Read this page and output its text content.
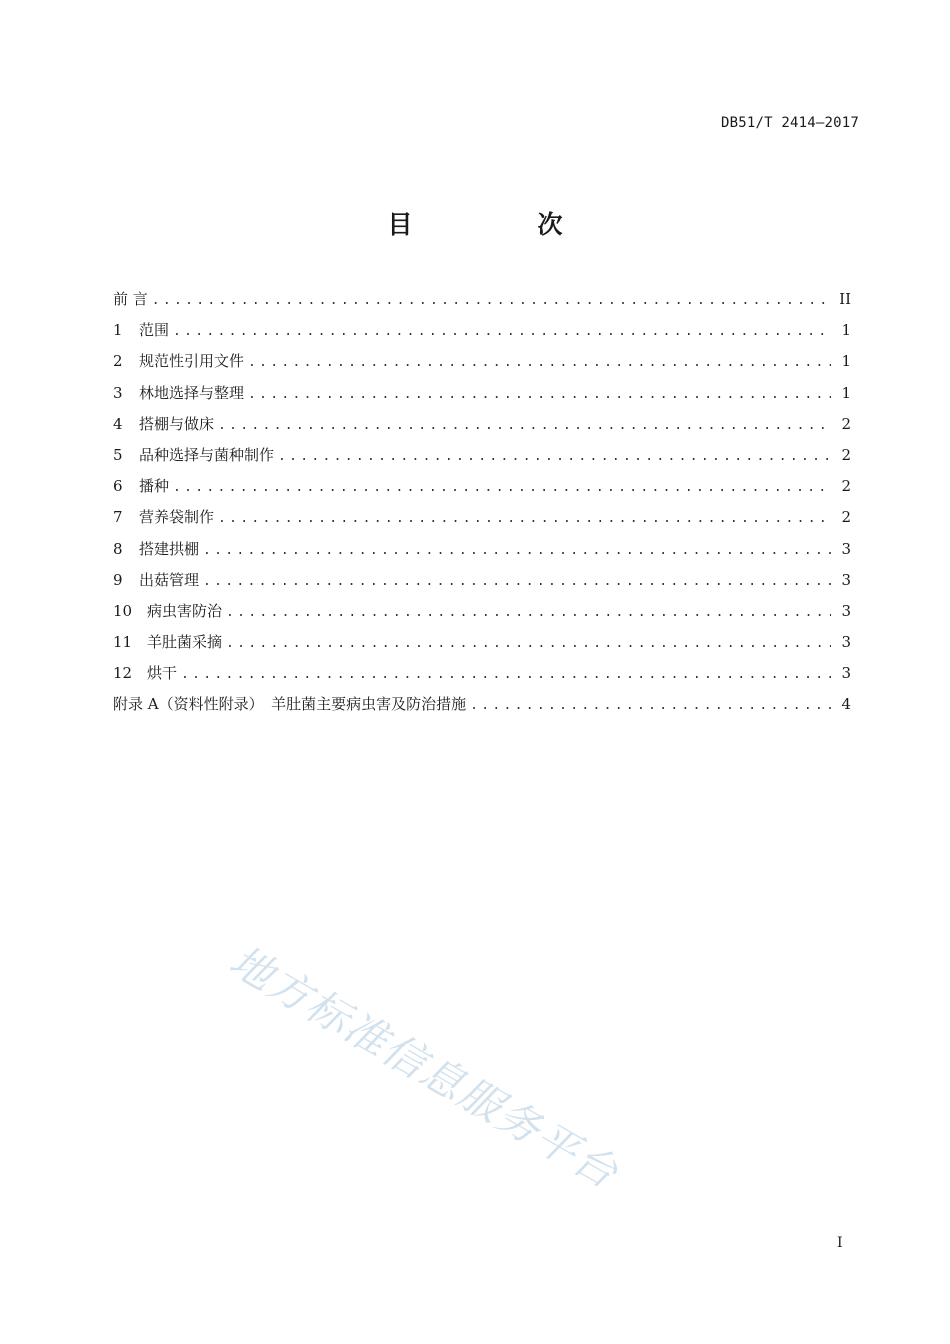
DB51/T 2414—2017
目　次
前 言 .....	II
1	范围 .....	1
2	规范性引用文件 .....	1
3	林地选择与整理 .....	1
4	搭棚与做床 .....	2
5	品种选择与菌种制作 .....	2
6	播种 .....	2
7	营养袋制作 .....	2
8	搭建拱棚 .....	3
9	出菇管理 .....	3
10 病虫害防治 .....	3
11 羊肚菌采摘 .....	3
12 烘干 .....	3
附录 A（资料性附录）　羊肚菌主要病虫害及防治措施 .....	4
地方标准信息服务平台
I
